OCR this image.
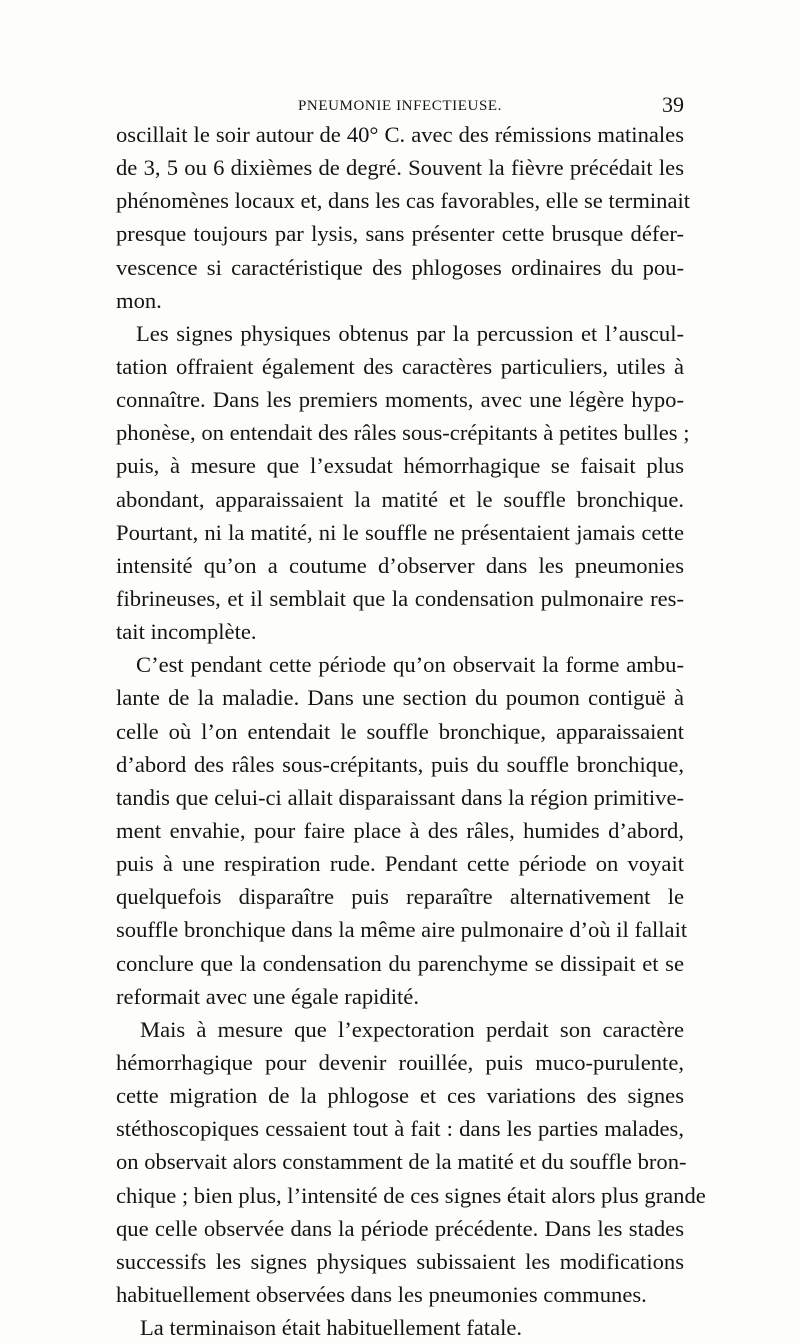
PNEUMONIE INFECTIEUSE.	39
oscillait le soir autour de 40° C. avec des rémissions matinales
de 3, 5 ou 6 dixièmes de degré. Souvent la fièvre précédait les
phénomènes locaux et, dans les cas favorables, elle se terminait
presque toujours par lysis, sans présenter cette brusque défer-
vescence si caractéristique des phlogoses ordinaires du pou-
mon.
Les signes physiques obtenus par la percussion et l’auscul-
tation offraient également des caractères particuliers, utiles à
connaître. Dans les premiers moments, avec une légère hypo-
phonèse, on entendait des râles sous-crépitants à petites bulles ;
puis, à mesure que l’exsudat hémorrhagique se faisait plus
abondant, apparaissaient la matité et le souffle bronchique.
Pourtant, ni la matité, ni le souffle ne présentaient jamais cette
intensité qu’on a coutume d’observer dans les pneumonies
fibrineuses, et il semblait que la condensation pulmonaire res-
tait incomplète.
C’est pendant cette période qu’on observait la forme ambu-
lante de la maladie. Dans une section du poumon contiguë à
celle où l’on entendait le souffle bronchique, apparaissaient
d’abord des râles sous-crépitants, puis du souffle bronchique,
tandis que celui-ci allait disparaissant dans la région primitive-
ment envahie, pour faire place à des râles, humides d’abord,
puis à une respiration rude. Pendant cette période on voyait
quelquefois disparaître puis reparaître alternativement le
souffle bronchique dans la même aire pulmonaire d’où il fallait
conclure que la condensation du parenchyme se dissipait et se
reformait avec une égale rapidité.
Mais à mesure que l’expectoration perdait son caractère
hémorrhagique pour devenir rouillée, puis muco-purulente,
cette migration de la phlogose et ces variations des signes
stéthoscopiques cessaient tout à fait : dans les parties malades,
on observait alors constamment de la matité et du souffle bron-
chique ; bien plus, l’intensité de ces signes était alors plus grande
que celle observée dans la période précédente. Dans les stades
successifs les signes physiques subissaient les modifications
habituellement observées dans les pneumonies communes.
La terminaison était habituellement fatale.
